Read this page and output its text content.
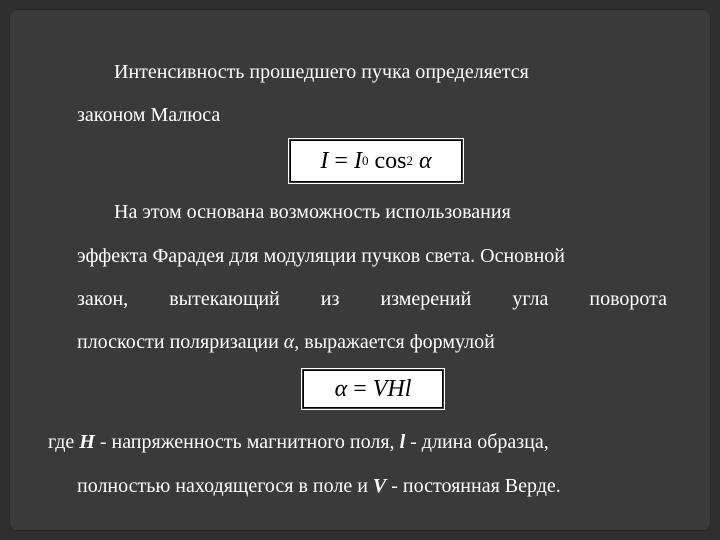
Интенсивность прошедшего пучка определяется
законом Малюса
I
=
I 0
cos 2
α
На этом основана возможность использования
эффекта Фарадея для модуляции пучков света. Основной
закон, вытекающий из измерений угла поворота
плоскости поляризации α, выражается формулой
α
=
VHl
где H - напряженность магнитного поля, l - длина образца,
полностью находящегося в поле и V - постоянная Верде.
